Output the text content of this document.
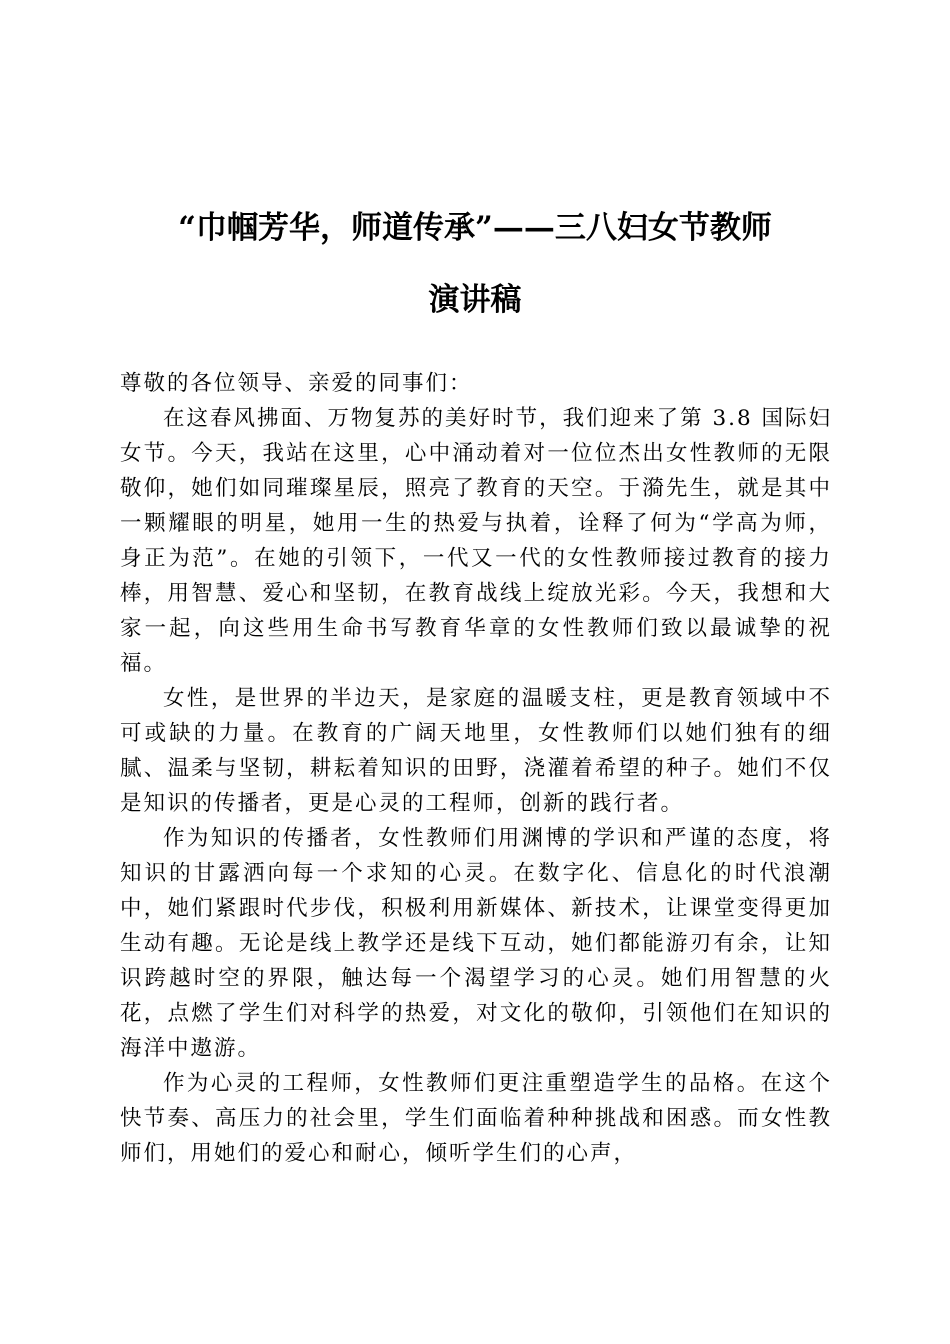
“巾帼芳华，师道传承”——三八妇女节教师
演讲稿

尊敬的各位领导、亲爱的同事们：

在这春风拂面、万物复苏的美好时节，我们迎来了第 3.8 国际妇女节。今天，我站在这里，心中涌动着对一位位杰出女性教师的无限敬仰，她们如同璀璨星辰，照亮了教育的天空。于漪先生，就是其中一颗耀眼的明星，她用一生的热爱与执着，诠释了何为“学高为师，身正为范”。在她的引领下，一代又一代的女性教师接过教育的接力棒，用智慧、爱心和坚韧，在教育战线上绽放光彩。今天，我想和大家一起，向这些用生命书写教育华章的女性教师们致以最诚挚的祝福。

女性，是世界的半边天，是家庭的温暖支柱，更是教育领域中不可或缺的力量。在教育的广阔天地里，女性教师们以她们独有的细腻、温柔与坚韧，耕耘着知识的田野，浇灌着希望的种子。她们不仅是知识的传播者，更是心灵的工程师，创新的践行者。

作为知识的传播者，女性教师们用渊博的学识和严谨的态度，将知识的甘露洒向每一个求知的心灵。在数字化、信息化的时代浪潮中，她们紧跟时代步伐，积极利用新媒体、新技术，让课堂变得更加生动有趣。无论是线上教学还是线下互动，她们都能游刃有余，让知识跨越时空的界限，触达每一个渴望学习的心灵。她们用智慧的火花，点燃了学生们对科学的热爱，对文化的敬仰，引领他们在知识的海洋中遨游。

作为心灵的工程师，女性教师们更注重塑造学生的品格。在这个快节奏、高压力的社会里，学生们面临着种种挑战和困惑。而女性教师们，用她们的爱心和耐心，倾听学生们的心声，
